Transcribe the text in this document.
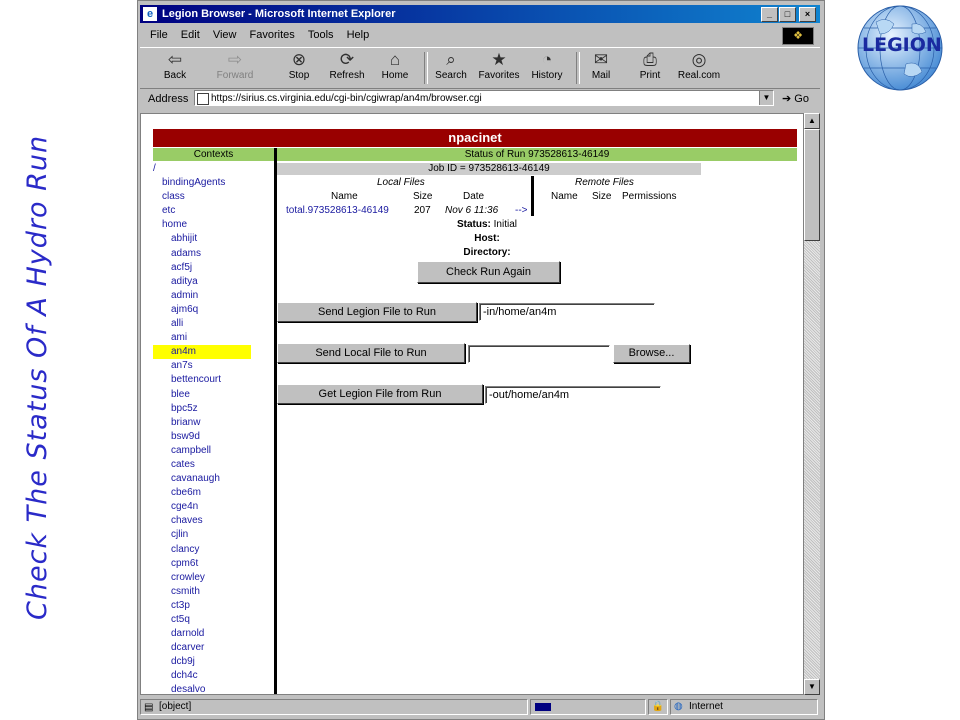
Check The Status Of A Hydro Run
LEGION
e Legion Browser - Microsoft Internet Explorer	_ □ ×
File Edit View Favorites Tools Help	❖
⇦
Back
⇨
Forward
⊗
Stop
⟳
Refresh
⌂
Home
⌕
Search
★
Favorites
◔
History
✉
Mail
⎙
Print
◎
Real.com
Address	https://sirius.cs.virginia.edu/cgi-bin/cgiwrap/an4m/browser.cgi	▼ ➔ Go
npacinet
Contexts	Status of Run 973528613-46149
/
bindingAgents
class
etc
home
abhijit
adams
acf5j
aditya
admin
ajm6q
alli
ami
an4m
an7s
bettencourt
blee
bpc5z
brianw
bsw9d
campbell
cates
cavanaugh
cbe6m
cge4n
chaves
cjlin
clancy
cpm6t
crowley
csmith
ct3p
ct5q
darnold
dcarver
dcb9j
dch4c
desalvo
Job ID = 973528613-46149
Local Files	Remote Files
Name	Size	Date	Name Size Permissions
total.973528613-46149	207 Nov 6 11:36 -->
Status: Initial
Host:
Directory:
Check Run Again
Send Legion File to Run	-in/home/an4m
Send Local File to Run	Browse...
Get Legion File from Run	-out/home/an4m
▲
▼
▤ [object]	🔒 ◍ Internet
